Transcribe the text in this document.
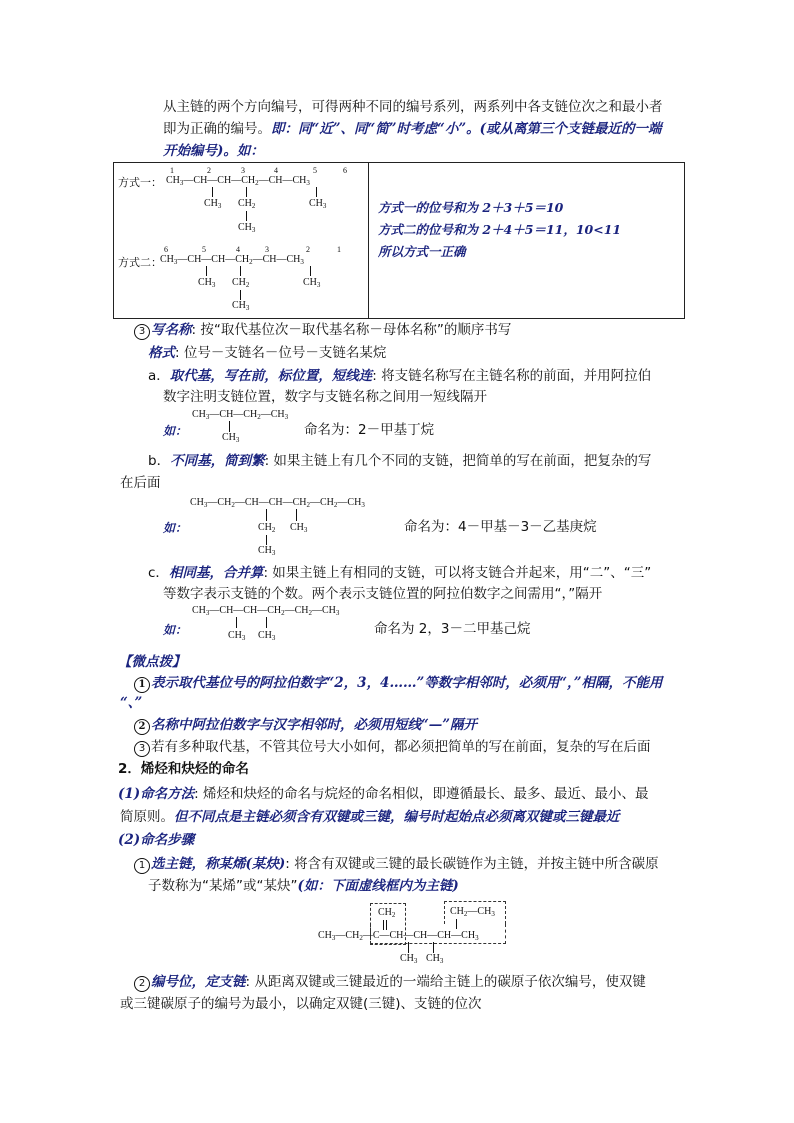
从主链的两个方向编号，可得两种不同的编号系列，两系列中各支链位次之和最小者
即为正确的编号。即：同“近”、同“简”时考虑“小”。(或从离第三个支链最近的一端
开始编号)。如：
方式一：
1	2	3	4	5	6
$CH_3—CH—CH—CH_2—CH—CH_3$
$CH_3$ $CH_2$	$CH_3$
$CH_3$
方式二：
6	5	4	3	2	1
$CH_3—CH—CH—CH_2—CH—CH_3$
$CH_3$ $CH_2$	$CH_3$
$CH_3$
方式一的位号和为 2＋3＋5＝10
方式二的位号和为 2＋4＋5＝11，10<11
所以方式一正确
3 写名称: 按“取代基位次－取代基名称－母体名称”的顺序书写
格式: 位号－支链名－位号－支链名某烷
a．取代基，写在前，标位置，短线连: 将支链名称写在主链名称的前面，并用阿拉伯
数字注明支链位置，数字与支链名称之间用一短线隔开
如：
$CH_3—CH—CH_2—CH_3$
$CH_3$
命名为：2－甲基丁烷
b．不同基，简到繁: 如果主链上有几个不同的支链，把简单的写在前面，把复杂的写
在后面
$CH_3—CH_2—CH—CH—CH_2—CH_2—CH_3$
如：	$CH_2$ $CH_3$
$CH_3$
命名为：4－甲基－3－乙基庚烷
c．相同基，合并算: 如果主链上有相同的支链，可以将支链合并起来，用“二”、“三”
等数字表示支链的个数。两个表示支链位置的阿拉伯数字之间需用“，”隔开
$CH_3—CH—CH—CH_2—CH_2—CH_3$
如：	$CH_3$ $CH_3$
命名为 2，3－二甲基己烷
【微点拨】
1 表示取代基位号的阿拉伯数字“2，3，4……”等数字相邻时，必须用“，”相隔，不能用
“、”
2 名称中阿拉伯数字与汉字相邻时，必须用短线“—”隔开
3 若有多种取代基，不管其位号大小如何，都必须把简单的写在前面，复杂的写在后面
2．烯烃和炔烃的命名
(1)命名方法: 烯烃和炔烃的命名与烷烃的命名相似，即遵循最长、最多、最近、最小、最
简原则。但不同点是主链必须含有双键或三键，编号时起始点必须离双键或三键最近
(2)命名步骤
1 选主链，称某烯(某炔): 将含有双键或三键的最长碳链作为主链，并按主链中所含碳原
子数称为“某烯”或“某炔”(如：下面虚线框内为主链)
$CH_2$	$CH_2—CH_3$
$CH_3—CH_2—C—CH—CH—CH—CH_3$
$CH_3$ $CH_3$
2 编号位，定支链: 从距离双键或三键最近的一端给主链上的碳原子依次编号，使双键
或三键碳原子的编号为最小，以确定双键(三键)、支链的位次
